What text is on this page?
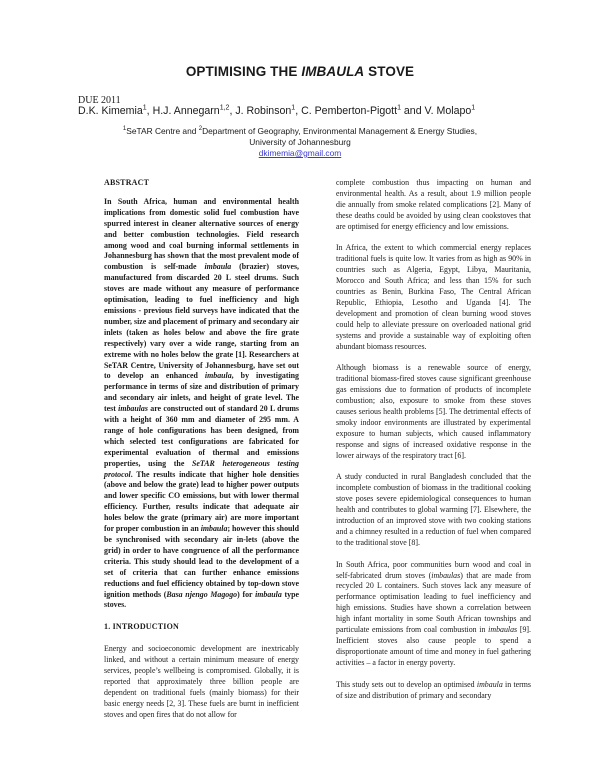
OPTIMISING THE IMBAULA STOVE
DUE 2011
D.K. Kimemia$^1$, H.J. Annegarn$^{1,2}$, J. Robinson$^1$, C. Pemberton-Pigott$^1$ and V. Molapo$^1$
$^1$SeTAR Centre and $^2$Department of Geography, Environmental Management & Energy Studies,
University of Johannesburg
dkimemia@gmail.com
ABSTRACT

In South Africa, human and environmental health implications from domestic solid fuel combustion have spurred interest in cleaner alternative sources of energy and better combustion technologies. Field research among wood and coal burning informal settlements in Johannesburg has shown that the most prevalent mode of combustion is self-made imbaula (brazier) stoves, manufactured from discarded 20 L steel drums. Such stoves are made without any measure of performance optimisation, leading to fuel inefficiency and high emissions - previous field surveys have indicated that the number, size and placement of primary and secondary air inlets (taken as holes below and above the fire grate respectively) vary over a wide range, starting from an extreme with no holes below the grate [1]. Researchers at SeTAR Centre, University of Johannesburg, have set out to develop an enhanced imbaula, by investigating performance in terms of size and distribution of primary and secondary air inlets, and height of grate level. The test imbaulas are constructed out of standard 20 L drums with a height of 360 mm and diameter of 295 mm. A range of hole configurations has been designed, from which selected test configurations are fabricated for experimental evaluation of thermal and emissions properties, using the SeTAR heterogeneous testing protocol. The results indicate that higher hole densities (above and below the grate) lead to higher power outputs and lower specific CO emissions, but with lower thermal efficiency. Further, results indicate that adequate air holes below the grate (primary air) are more important for proper combustion in an imbaula; however this should be synchronised with secondary air in-lets (above the grid) in order to have congruence of all the performance criteria. This study should lead to the development of a set of criteria that can further enhance emissions reductions and fuel efficiency obtained by top-down stove ignition methods (Basa njengo Magogo) for imbaula type stoves.

1. INTRODUCTION

Energy and socioeconomic development are inextricably linked, and without a certain minimum measure of energy services, people’s wellbeing is compromised. Globally, it is reported that approximately three billion people are dependent on traditional fuels (mainly biomass) for their basic energy needs [2, 3]. These fuels are burnt in inefficient stoves and open fires that do not allow for

complete combustion thus impacting on human and environmental health. As a result, about 1.9 million people die annually from smoke related complications [2]. Many of these deaths could be avoided by using clean cookstoves that are optimised for energy efficiency and low emissions.

In Africa, the extent to which commercial energy replaces traditional fuels is quite low. It varies from as high as 90% in countries such as Algeria, Egypt, Libya, Mauritania, Morocco and South Africa; and less than 15% for such countries as Benin, Burkina Faso, The Central African Republic, Ethiopia, Lesotho and Uganda [4]. The development and promotion of clean burning wood stoves could help to alleviate pressure on overloaded national grid systems and provide a sustainable way of exploiting often abundant biomass resources.

Although biomass is a renewable source of energy, traditional biomass-fired stoves cause significant greenhouse gas emissions due to formation of products of incomplete combustion; also, exposure to smoke from these stoves causes serious health problems [5]. The detrimental effects of smoky indoor environments are illustrated by experimental exposure to human subjects, which caused inflammatory response and signs of increased oxidative response in the lower airways of the respiratory tract [6].

A study conducted in rural Bangladesh concluded that the incomplete combustion of biomass in the traditional cooking stove poses severe epidemiological consequences to human health and contributes to global warming [7]. Elsewhere, the introduction of an improved stove with two cooking stations and a chimney resulted in a reduction of fuel when compared to the traditional stove [8].

In South Africa, poor communities burn wood and coal in self-fabricated drum stoves (imbaulas) that are made from recycled 20 L containers. Such stoves lack any measure of performance optimisation leading to fuel inefficiency and high emissions. Studies have shown a correlation between high infant mortality in some South African townships and particulate emissions from coal combustion in imbaulas [9]. Inefficient stoves also cause people to spend a disproportionate amount of time and money in fuel gathering activities – a factor in energy poverty.

This study sets out to develop an optimised imbaula in terms of size and distribution of primary and secondary
